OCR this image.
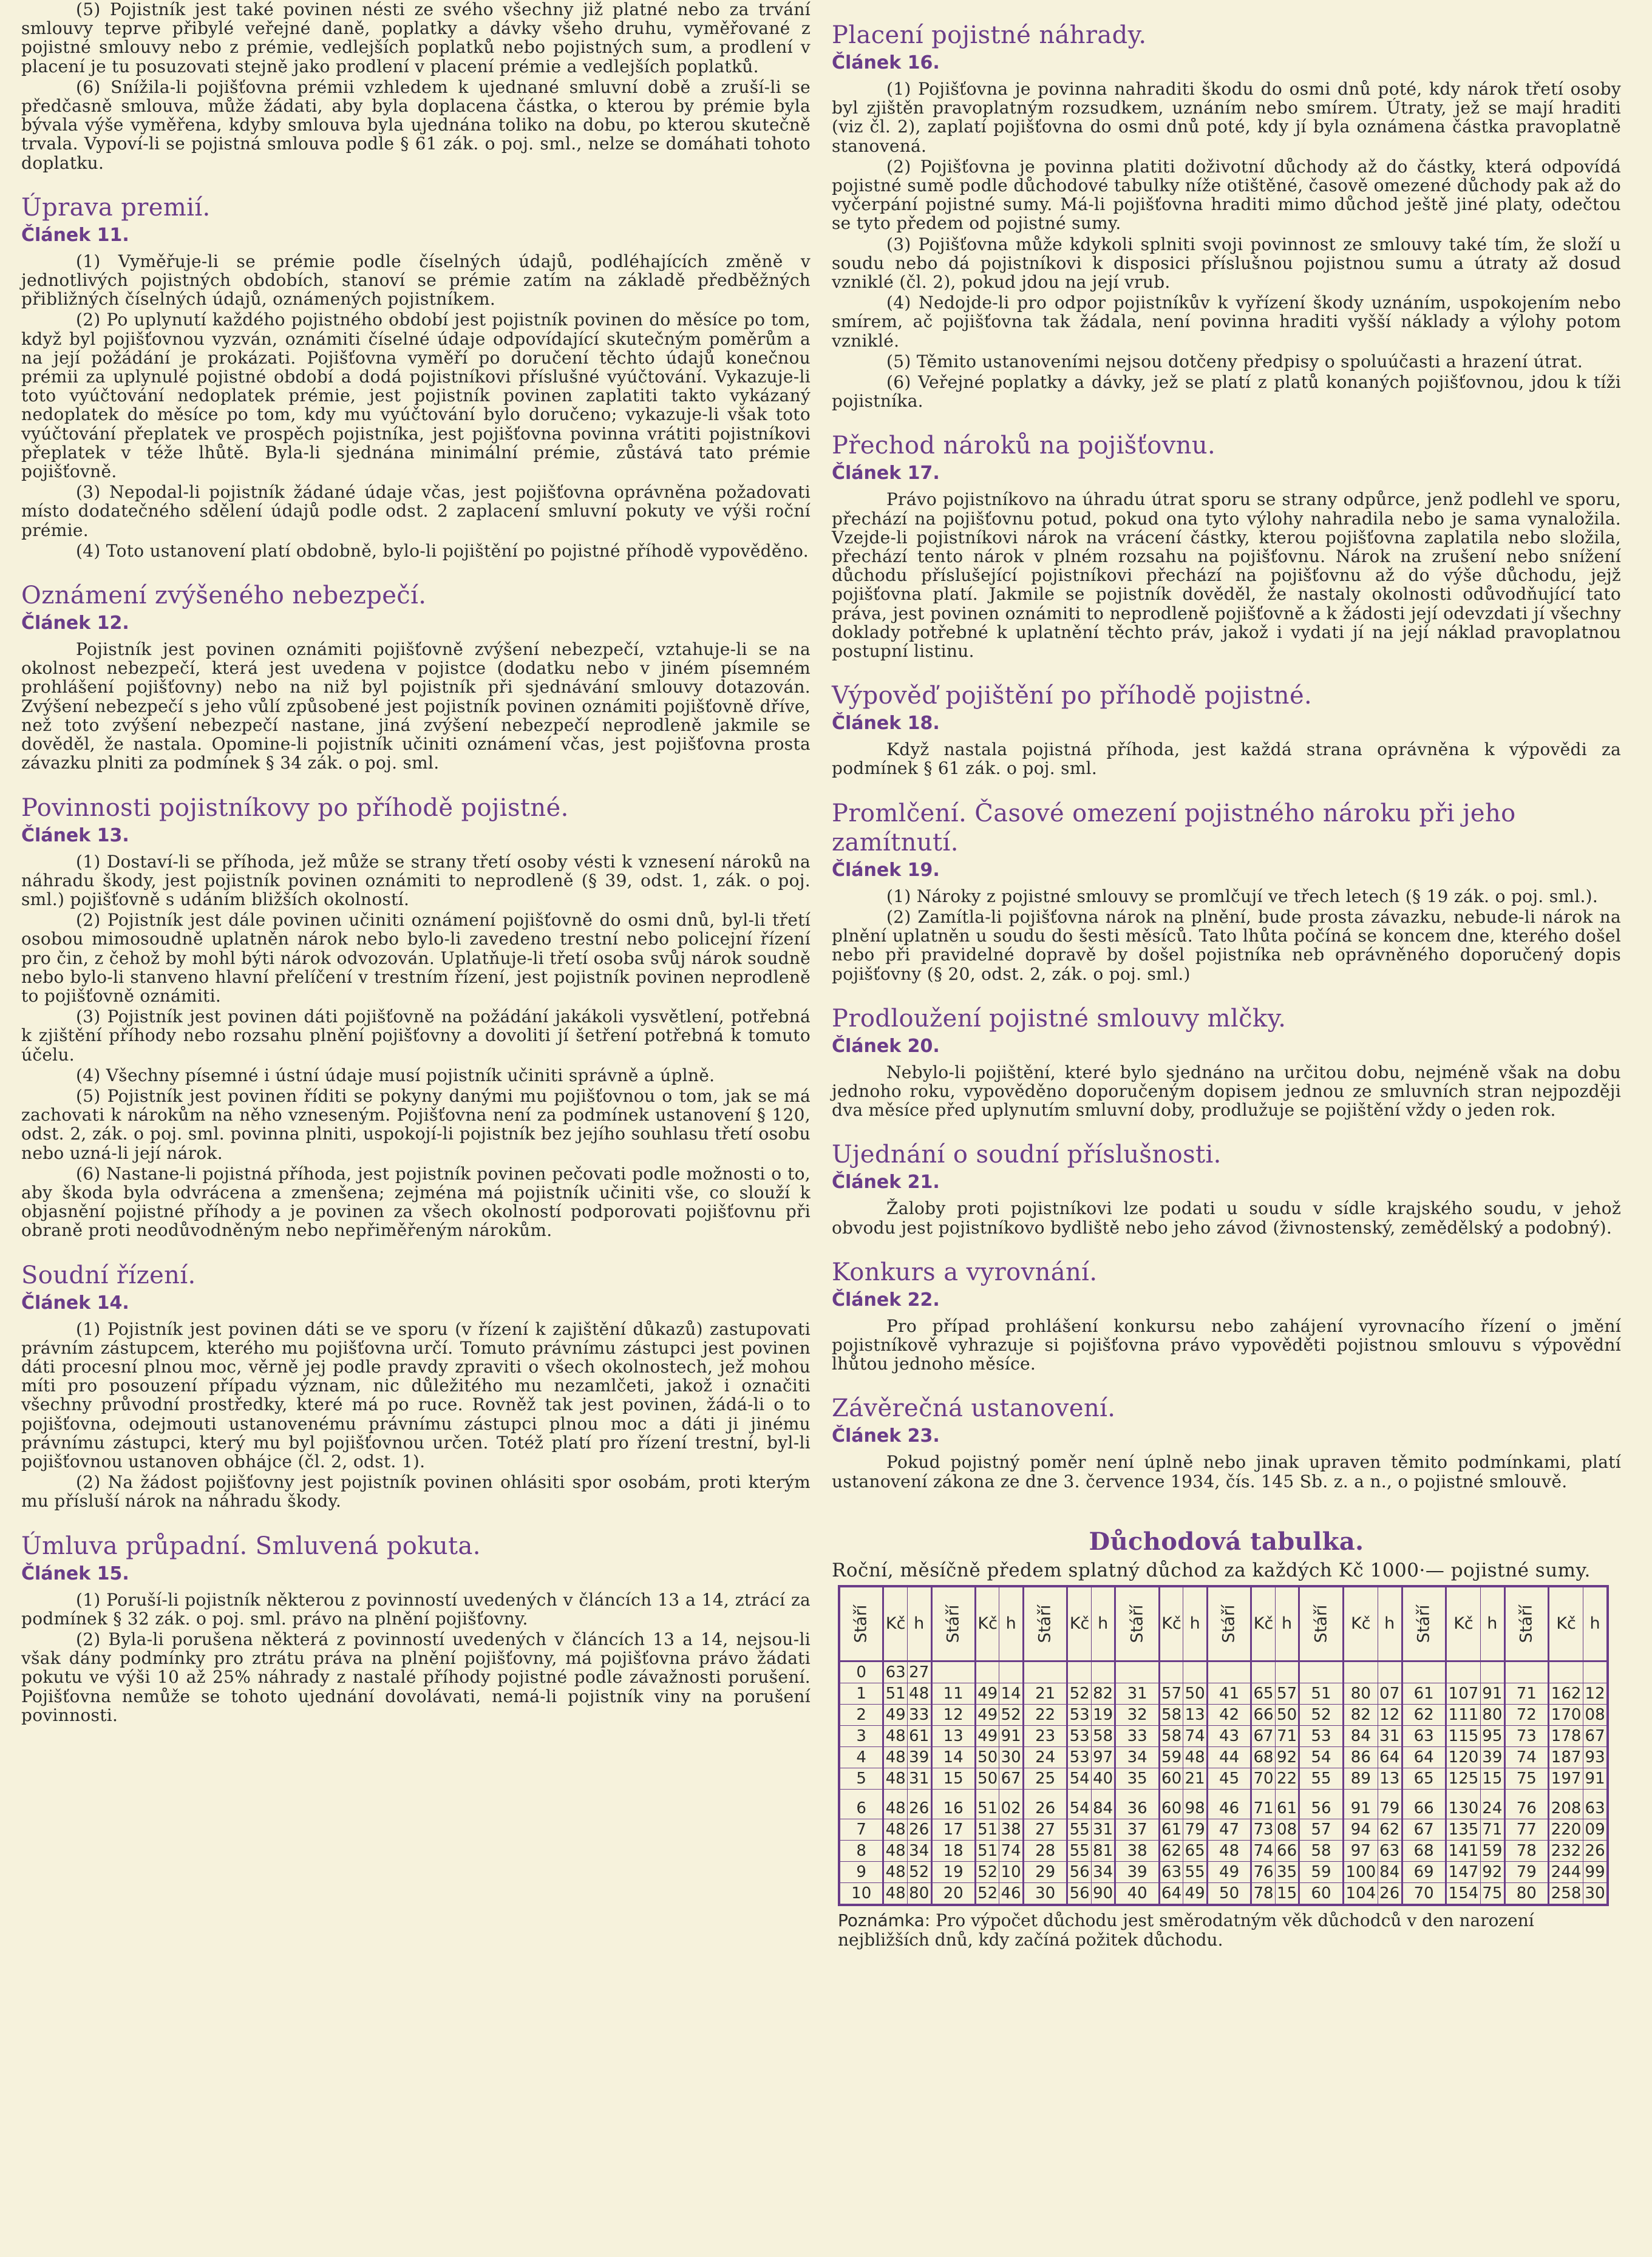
(5) Pojistník jest také povinen nésti ze svého všechny již platné nebo za trvání smlouvy teprve přibylé veřejné daně, poplatky a dávky všeho druhu, vyměřované z pojistné smlouvy nebo z prémie, vedlejších poplatků nebo pojistných sum, a prodlení v placení je tu posuzovati stejně jako prodlení v placení prémie a vedlejších poplatků.

(6) Snížila-li pojišťovna prémii vzhledem k ujednané smluvní době a zruší-li se předčasně smlouva, může žádati, aby byla doplacena částka, o kterou by prémie byla bývala výše vyměřena, kdyby smlouva byla ujednána toliko na dobu, po kterou skutečně trvala. Vypoví-li se pojistná smlouva podle § 61 zák. o poj. sml., nelze se domáhati tohoto doplatku.

Úprava premií.
Článek 11.

(1) Vyměřuje-li se prémie podle číselných údajů, podléhajících změně v jednotlivých pojistných obdobích, stanoví se prémie zatím na základě předběžných přibližných číselných údajů, oznámených pojistníkem.

(2) Po uplynutí každého pojistného období jest pojistník povinen do měsíce po tom, když byl pojišťovnou vyzván, oznámiti číselné údaje odpovídající skutečným poměrům a na její požádání je prokázati. Pojišťovna vyměří po doručení těchto údajů konečnou prémii za uplynulé pojistné období a dodá pojistníkovi příslušné vyúčtování. Vykazuje-li toto vyúčtování nedoplatek prémie, jest pojistník povinen zaplatiti takto vykázaný nedoplatek do měsíce po tom, kdy mu vyúčtování bylo doručeno; vykazuje-li však toto vyúčtování přeplatek ve prospěch pojistníka, jest pojišťovna povinna vrátiti pojistníkovi přeplatek v téže lhůtě. Byla-li sjednána minimální prémie, zůstává tato prémie pojišťovně.

(3) Nepodal-li pojistník žádané údaje včas, jest pojišťovna oprávněna požadovati místo dodatečného sdělení údajů podle odst. 2 zaplacení smluvní pokuty ve výši roční prémie.

(4) Toto ustanovení platí obdobně, bylo-li pojištění po pojistné příhodě vypověděno.

Oznámení zvýšeného nebezpečí.
Článek 12.

Pojistník jest povinen oznámiti pojišťovně zvýšení nebezpečí, vztahuje-li se na okolnost nebezpečí, která jest uvedena v pojistce (dodatku nebo v jiném písemném prohlášení pojišťovny) nebo na niž byl pojistník při sjednávání smlouvy dotazován. Zvýšení nebezpečí s jeho vůlí způsobené jest pojistník povinen oznámiti pojišťovně dříve, než toto zvýšení nebezpečí nastane, jiná zvýšení nebezpečí neprodleně jakmile se dověděl, že nastala. Opomine-li pojistník učiniti oznámení včas, jest pojišťovna prosta závazku plniti za podmínek § 34 zák. o poj. sml.

Povinnosti pojistníkovy po příhodě pojistné.
Článek 13.

(1) Dostaví-li se příhoda, jež může se strany třetí osoby vésti k vznesení nároků na náhradu škody, jest pojistník povinen oznámiti to neprodleně (§ 39, odst. 1, zák. o poj. sml.) pojišťovně s udáním bližších okolností.

(2) Pojistník jest dále povinen učiniti oznámení pojišťovně do osmi dnů, byl-li třetí osobou mimosoudně uplatněn nárok nebo bylo-li zavedeno trestní nebo policejní řízení pro čin, z čehož by mohl býti nárok odvozován. Uplatňuje-li třetí osoba svůj nárok soudně nebo bylo-li stanveno hlavní přelíčení v trestním řízení, jest pojistník povinen neprodleně to pojišťovně oznámiti.

(3) Pojistník jest povinen dáti pojišťovně na požádání jakákoli vysvětlení, potřebná k zjištění příhody nebo rozsahu plnění pojišťovny a dovoliti jí šetření potřebná k tomuto účelu.

(4) Všechny písemné i ústní údaje musí pojistník učiniti správně a úplně.

(5) Pojistník jest povinen říditi se pokyny danými mu pojišťovnou o tom, jak se má zachovati k nárokům na něho vzneseným. Pojišťovna není za podmínek ustanovení § 120, odst. 2, zák. o poj. sml. povinna plniti, uspokojí-li pojistník bez jejího souhlasu třetí osobu nebo uzná-li její nárok.

(6) Nastane-li pojistná příhoda, jest pojistník povinen pečovati podle možnosti o to, aby škoda byla odvrácena a zmenšena; zejména má pojistník učiniti vše, co slouží k objasnění pojistné příhody a je povinen za všech okolností podporovati pojišťovnu při obraně proti neodůvodněným nebo nepřiměřeným nárokům.

Soudní řízení.
Článek 14.

(1) Pojistník jest povinen dáti se ve sporu (v řízení k zajištění důkazů) zastupovati právním zástupcem, kterého mu pojišťovna určí. Tomuto právnímu zástupci jest povinen dáti procesní plnou moc, věrně jej podle pravdy zpraviti o všech okolnostech, jež mohou míti pro posouzení případu význam, nic důležitého mu nezamlčeti, jakož i označiti všechny průvodní prostředky, které má po ruce. Rovněž tak jest povinen, žádá-li o to pojišťovna, odejmouti ustanovenému právnímu zástupci plnou moc a dáti ji jinému právnímu zástupci, který mu byl pojišťovnou určen. Totéž platí pro řízení trestní, byl-li pojišťovnou ustanoven obhájce (čl. 2, odst. 1).

(2) Na žádost pojišťovny jest pojistník povinen ohlásiti spor osobám, proti kterým mu přísluší nárok na náhradu škody.

Úmluva průpadní. Smluvená pokuta.
Článek 15.

(1) Poruší-li pojistník některou z povinností uvedených v článcích 13 a 14, ztrácí za podmínek § 32 zák. o poj. sml. právo na plnění pojišťovny.

(2) Byla-li porušena některá z povinností uvedených v článcích 13 a 14, nejsou-li však dány podmínky pro ztrátu práva na plnění pojišťovny, má pojišťovna právo žádati pokutu ve výši 10 až 25% náhrady z nastalé příhody pojistné podle závažnosti porušení. Pojišťovna nemůže se tohoto ujednání dovolávati, nemá-li pojistník viny na porušení povinnosti.

Placení pojistné náhrady.
Článek 16.

(1) Pojišťovna je povinna nahraditi škodu do osmi dnů poté, kdy nárok třetí osoby byl zjištěn pravoplatným rozsudkem, uznáním nebo smírem. Útraty, jež se mají hraditi (viz čl. 2), zaplatí pojišťovna do osmi dnů poté, kdy jí byla oznámena částka pravoplatně stanovená.

(2) Pojišťovna je povinna platiti doživotní důchody až do částky, která odpovídá pojistné sumě podle důchodové tabulky níže otištěné, časově omezené důchody pak až do vyčerpání pojistné sumy. Má-li pojišťovna hraditi mimo důchod ještě jiné platy, odečtou se tyto předem od pojistné sumy.

(3) Pojišťovna může kdykoli splniti svoji povinnost ze smlouvy také tím, že složí u soudu nebo dá pojistníkovi k disposici příslušnou pojistnou sumu a útraty až dosud vzniklé (čl. 2), pokud jdou na její vrub.

(4) Nedojde-li pro odpor pojistníkův k vyřízení škody uznáním, uspokojením nebo smírem, ač pojišťovna tak žádala, není povinna hraditi vyšší náklady a výlohy potom vzniklé.

(5) Těmito ustanoveními nejsou dotčeny předpisy o spoluúčasti a hrazení útrat.

(6) Veřejné poplatky a dávky, jež se platí z platů konaných pojišťovnou, jdou k tíži pojistníka.

Přechod nároků na pojišťovnu.
Článek 17.

Právo pojistníkovo na úhradu útrat sporu se strany odpůrce, jenž podlehl ve sporu, přechází na pojišťovnu potud, pokud ona tyto výlohy nahradila nebo je sama vynaložila. Vzejde-li pojistníkovi nárok na vrácení částky, kterou pojišťovna zaplatila nebo složila, přechází tento nárok v plném rozsahu na pojišťovnu. Nárok na zrušení nebo snížení důchodu příslušející pojistníkovi přechází na pojišťovnu až do výše důchodu, jejž pojišťovna platí. Jakmile se pojistník dověděl, že nastaly okolnosti odůvodňující tato práva, jest povinen oznámiti to neprodleně pojišťovně a k žádosti její odevzdati jí všechny doklady potřebné k uplatnění těchto práv, jakož i vydati jí na její náklad pravoplatnou postupní listinu.

Výpověď pojištění po příhodě pojistné.
Článek 18.

Když nastala pojistná příhoda, jest každá strana oprávněna k výpovědi za podmínek § 61 zák. o poj. sml.

Promlčení. Časové omezení pojistného nároku při jeho zamítnutí.
Článek 19.

(1) Nároky z pojistné smlouvy se promlčují ve třech letech (§ 19 zák. o poj. sml.).

(2) Zamítla-li pojišťovna nárok na plnění, bude prosta závazku, nebude-li nárok na plnění uplatněn u soudu do šesti měsíců. Tato lhůta počíná se koncem dne, kterého došel nebo při pravidelné dopravě by došel pojistníka neb oprávněného doporučený dopis pojišťovny (§ 20, odst. 2, zák. o poj. sml.)

Prodloužení pojistné smlouvy mlčky.
Článek 20.

Nebylo-li pojištění, které bylo sjednáno na určitou dobu, nejméně však na dobu jednoho roku, vypověděno doporučeným dopisem jednou ze smluvních stran nejpozději dva měsíce před uplynutím smluvní doby, prodlužuje se pojištění vždy o jeden rok.

Ujednání o soudní příslušnosti.
Článek 21.

Žaloby proti pojistníkovi lze podati u soudu v sídle krajského soudu, v jehož obvodu jest pojistníkovo bydliště nebo jeho závod (živnostenský, zemědělský a podobný).

Konkurs a vyrovnání.
Článek 22.

Pro případ prohlášení konkursu nebo zahájení vyrovnacího řízení o jmění pojistníkově vyhrazuje si pojišťovna právo vypověděti pojistnou smlouvu s výpovědní lhůtou jednoho měsíce.

Závěrečná ustanovení.
Článek 23.

Pokud pojistný poměr není úplně nebo jinak upraven těmito podmínkami, platí ustanovení zákona ze dne 3. července 1934, čís. 145 Sb. z. a n., o pojistné smlouvě.

Důchodová tabulka.
Roční, měsíčně předem splatný důchod za každých Kč 1000·— pojistné sumy.
Stáří	Kč	h	Stáří	Kč	h	Stáří	Kč	h	Stáří	Kč	h	Stáří	Kč	h	Stáří	Kč	h	Stáří	Kč	h	Stáří	Kč	h
0	63	27																					
1	51	48	11	49	14	21	52	82	31	57	50	41	65	57	51	80	07	61	107	91	71	162	12
2	49	33	12	49	52	22	53	19	32	58	13	42	66	50	52	82	12	62	111	80	72	170	08
3	48	61	13	49	91	23	53	58	33	58	74	43	67	71	53	84	31	63	115	95	73	178	67
4	48	39	14	50	30	24	53	97	34	59	48	44	68	92	54	86	64	64	120	39	74	187	93
5	48	31	15	50	67	25	54	40	35	60	21	45	70	22	55	89	13	65	125	15	75	197	91
6	48	26	16	51	02	26	54	84	36	60	98	46	71	61	56	91	79	66	130	24	76	208	63
7	48	26	17	51	38	27	55	31	37	61	79	47	73	08	57	94	62	67	135	71	77	220	09
8	48	34	18	51	74	28	55	81	38	62	65	48	74	66	58	97	63	68	141	59	78	232	26
9	48	52	19	52	10	29	56	34	39	63	55	49	76	35	59	100	84	69	147	92	79	244	99
10	48	80	20	52	46	30	56	90	40	64	49	50	78	15	60	104	26	70	154	75	80	258	30
Poznámka: Pro výpočet důchodu jest směrodatným věk důchodců v den narození nejbližších dnů, kdy začíná požitek důchodu.
